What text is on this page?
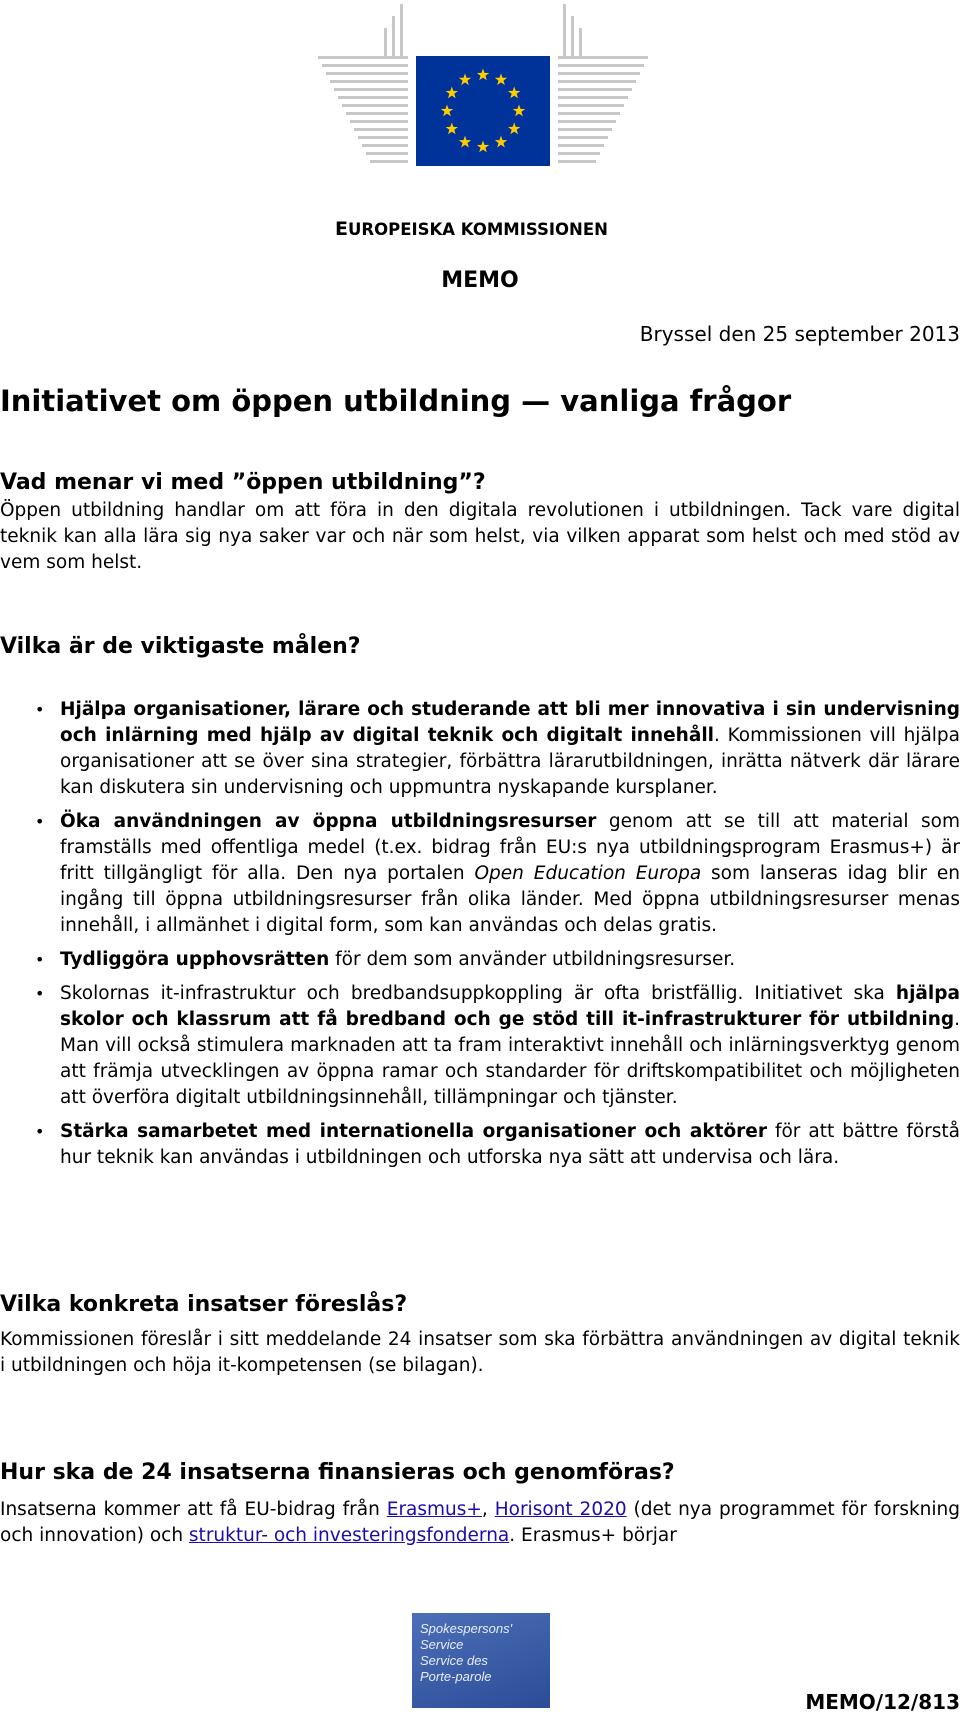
EUROPEISKA KOMMISSIONEN
MEMO
Bryssel den 25 september 2013
Initiativet om öppen utbildning — vanliga frågor
Vad menar vi med ”öppen utbildning”?
Öppen utbildning handlar om att föra in den digitala revolutionen i utbildningen. Tack vare digital teknik kan alla lära sig nya saker var och när som helst, via vilken apparat som helst och med stöd av vem som helst.
Vilka är de viktigaste målen?
• Hjälpa organisationer, lärare och studerande att bli mer innovativa i sin undervisning och inlärning med hjälp av digital teknik och digitalt innehåll. Kommissionen vill hjälpa organisationer att se över sina strategier, förbättra lärarutbildningen, inrätta nätverk där lärare kan diskutera sin undervisning och uppmuntra nyskapande kursplaner.
• Öka användningen av öppna utbildningsresurser genom att se till att material som framställs med offentliga medel (t.ex. bidrag från EU:s nya utbildningsprogram Erasmus+) är fritt tillgängligt för alla. Den nya portalen Open Education Europa som lanseras idag blir en ingång till öppna utbildningsresurser från olika länder. Med öppna utbildningsresurser menas innehåll, i allmänhet i digital form, som kan användas och delas gratis.
• Tydliggöra upphovsrätten för dem som använder utbildningsresurser.
• Skolornas it-infrastruktur och bredbandsuppkoppling är ofta bristfällig. Initiativet ska hjälpa skolor och klassrum att få bredband och ge stöd till it-infrastrukturer för utbildning. Man vill också stimulera marknaden att ta fram interaktivt innehåll och inlärningsverktyg genom att främja utvecklingen av öppna ramar och standarder för driftskompatibilitet och möjligheten att överföra digitalt utbildningsinnehåll, tillämpningar och tjänster.
• Stärka samarbetet med internationella organisationer och aktörer för att bättre förstå hur teknik kan användas i utbildningen och utforska nya sätt att undervisa och lära.
Vilka konkreta insatser föreslås?
Kommissionen föreslår i sitt meddelande 24 insatser som ska förbättra användningen av digital teknik i utbildningen och höja it-kompetensen (se bilagan).
Hur ska de 24 insatserna finansieras och genomföras?
Insatserna kommer att få EU-bidrag från Erasmus+, Horisont 2020 (det nya programmet för forskning och innovation) och struktur- och investeringsfonderna. Erasmus+ börjar
Spokespersons'
Service
Service des
Porte-parole
MEMO/12/813
